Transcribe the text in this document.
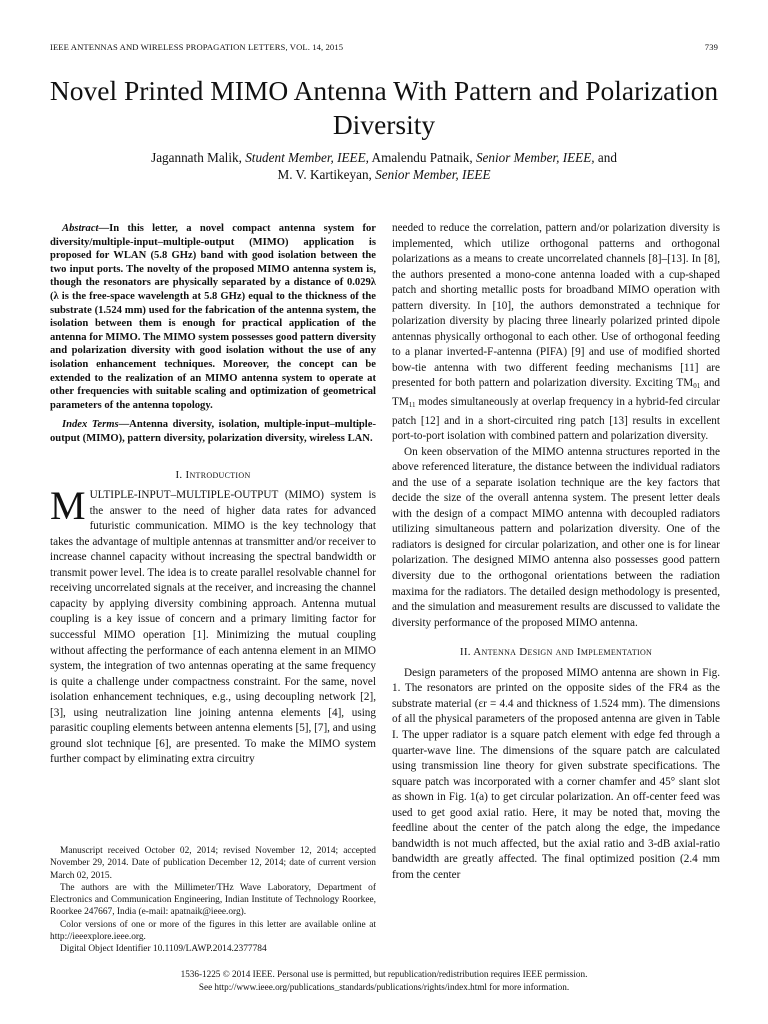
IEEE ANTENNAS AND WIRELESS PROPAGATION LETTERS, VOL. 14, 2015	739
Novel Printed MIMO Antenna With Pattern and Polarization Diversity
Jagannath Malik, Student Member, IEEE, Amalendu Patnaik, Senior Member, IEEE, and
M. V. Kartikeyan, Senior Member, IEEE

Abstract—In this letter, a novel compact antenna system for diversity/multiple-input–multiple-output (MIMO) application is proposed for WLAN (5.8 GHz) band with good isolation between the two input ports. The novelty of the proposed MIMO antenna system is, though the resonators are physically separated by a distance of 0.029λ (λ is the free-space wavelength at 5.8 GHz) equal to the thickness of the substrate (1.524 mm) used for the fabrication of the antenna system, the isolation between them is enough for practical application of the antenna for MIMO. The MIMO system possesses good pattern diversity and polarization diversity with good isolation without the use of any isolation enhancement techniques. Moreover, the concept can be extended to the realization of an MIMO antenna system to operate at other frequencies with suitable scaling and optimization of geometrical parameters of the antenna topology.

Index Terms—Antenna diversity, isolation, multiple-input–multiple-output (MIMO), pattern diversity, polarization diversity, wireless LAN.

I. Introduction

MULTIPLE-INPUT–MULTIPLE-OUTPUT (MIMO) system is the answer to the need of higher data rates for advanced futuristic communication. MIMO is the key technology that takes the advantage of multiple antennas at transmitter and/or receiver to increase channel capacity without increasing the spectral bandwidth or transmit power level. The idea is to create parallel resolvable channel for receiving uncorrelated signals at the receiver, and increasing the channel capacity by applying diversity combining approach. Antenna mutual coupling is a key issue of concern and a primary limiting factor for successful MIMO operation [1]. Minimizing the mutual coupling without affecting the performance of each antenna element in an MIMO system, the integration of two antennas operating at the same frequency is quite a challenge under compactness constraint. For the same, novel isolation enhancement techniques, e.g., using decoupling network [2], [3], using neutralization line joining antenna elements [4], using parasitic coupling elements between antenna elements [5], [7], and using ground slot technique [6], are presented. To make the MIMO system further compact by eliminating extra circuitry

Manuscript received October 02, 2014; revised November 12, 2014; accepted November 29, 2014. Date of publication December 12, 2014; date of current version March 02, 2015.

The authors are with the Millimeter/THz Wave Laboratory, Department of Electronics and Communication Engineering, Indian Institute of Technology Roorkee, Roorkee 247667, India (e-mail: apatnaik@ieee.org).

Color versions of one or more of the figures in this letter are available online at http://ieeexplore.ieee.org.

Digital Object Identifier 10.1109/LAWP.2014.2377784

needed to reduce the correlation, pattern and/or polarization diversity is implemented, which utilize orthogonal patterns and orthogonal polarizations as a means to create uncorrelated channels [8]–[13]. In [8], the authors presented a mono-cone antenna loaded with a cup-shaped patch and shorting metallic posts for broadband MIMO operation with pattern diversity. In [10], the authors demonstrated a technique for polarization diversity by placing three linearly polarized printed dipole antennas physically orthogonal to each other. Use of orthogonal feeding to a planar inverted-F-antenna (PIFA) [9] and use of modified shorted bow-tie antenna with two different feeding mechanisms [11] are presented for both pattern and polarization diversity. Exciting $TM_{01}$ and $TM_{11}$ modes simultaneously at overlap frequency in a hybrid-fed circular patch [12] and in a short-circuited ring patch [13] results in excellent port-to-port isolation with combined pattern and polarization diversity.

On keen observation of the MIMO antenna structures reported in the above referenced literature, the distance between the individual radiators and the use of a separate isolation technique are the key factors that decide the size of the overall antenna system. The present letter deals with the design of a compact MIMO antenna with decoupled radiators utilizing simultaneous pattern and polarization diversity. One of the radiators is designed for circular polarization, and other one is for linear polarization. The designed MIMO antenna also possesses good pattern diversity due to the orthogonal orientations between the radiation maxima for the radiators. The detailed design methodology is presented, and the simulation and measurement results are discussed to validate the diversity performance of the proposed MIMO antenna.

II. Antenna Design and Implementation

Design parameters of the proposed MIMO antenna are shown in Fig. 1. The resonators are printed on the opposite sides of the FR4 as the substrate material (εr = 4.4 and thickness of 1.524 mm). The dimensions of all the physical parameters of the proposed antenna are given in Table I. The upper radiator is a square patch element with edge fed through a quarter-wave line. The dimensions of the square patch are calculated using transmission line theory for given substrate specifications. The square patch was incorporated with a corner chamfer and 45° slant slot as shown in Fig. 1(a) to get circular polarization. An off-center feed was used to get good axial ratio. Here, it may be noted that, moving the feedline about the center of the patch along the edge, the impedance bandwidth is not much affected, but the axial ratio and 3-dB axial-ratio bandwidth are greatly affected. The final optimized position (2.4 mm from the center

1536-1225 © 2014 IEEE. Personal use is permitted, but republication/redistribution requires IEEE permission.
See http://www.ieee.org/publications_standards/publications/rights/index.html for more information.
